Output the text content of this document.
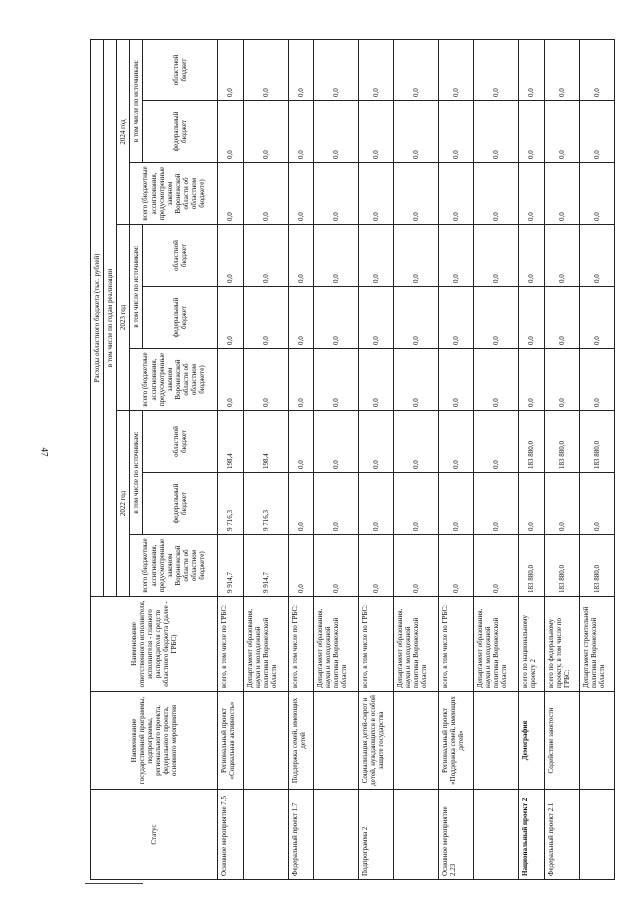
47
Статус	Наименование государственной программы, подпрограммы, регионального проекта, федерального проекта, основного мероприятия	Наименование ответственного исполнителя, исполнителя - главного распорядителя средств областного бюджета (далее - ГРБС)	Расходы областного бюджета (тыс. рублей)								
			в том числе по годам реализации								
			2022 год			2023 год			2024 год		
			всего (бюджетные ассигнования, предусмотренные законом Воронежской области об областном бюджете)	в том числе по источникам:		всего (бюджетные ассигнования, предусмотренные законом Воронежской области об областном бюджете)	в том числе по источникам:		всего (бюджетные ассигнования, предусмотренные законом Воронежской области об областном бюджете)	в том числе по источникам:	
				федеральный бюджет	областной бюджет		федеральный бюджет	областной бюджет		федеральный бюджет	областной бюджет
Основное мероприятие 7.5	Региональный проект «Социальная активность»	всего, в том числе по ГРБС:	9 914,7	9 716,3	198,4	0,0	0,0	0,0	0,0	0,0	0,0
		Департамент образования, науки и молодежной политики Воронежской области	9 914,7	9 716,3	198,4	0,0	0,0	0,0	0,0	0,0	0,0
Федеральный проект 1.7	Поддержка семей, имеющих детей	всего, в том числе по ГРБС:	0,0	0,0	0,0	0,0	0,0	0,0	0,0	0,0	0,0
		Департамент образования, науки и молодежной политики Воронежской области	0,0	0,0	0,0	0,0	0,0	0,0	0,0	0,0	0,0
Подпрограмма 2	Социализация детей-сирот и детей, нуждающихся в особой защите государства	всего, в том числе по ГРБС:	0,0	0,0	0,0	0,0	0,0	0,0	0,0	0,0	0,0
		Департамент образования, науки и молодежной политики Воронежской области	0,0	0,0	0,0	0,0	0,0	0,0	0,0	0,0	0,0
Основное мероприятие 2.23	Региональный проект «Поддержка семей, имеющих детей»	всего, в том числе по ГРБС:	0,0	0,0	0,0	0,0	0,0	0,0	0,0	0,0	0,0
		Департамент образования, науки и молодежной политики Воронежской области	0,0	0,0	0,0	0,0	0,0	0,0	0,0	0,0	0,0
Национальный проект 2	Демография	всего по национальному проекту 2	183 880,0	0,0	183 880,0	0,0	0,0	0,0	0,0	0,0	0,0
Федеральный проект 2.1	Содействие занятости	всего по федеральному проекту, в том числе по ГРБС:	183 880,0	0,0	183 880,0	0,0	0,0	0,0	0,0	0,0	0,0
		Департамент строительной политики Воронежской области	183 880,0	0,0	183 880,0	0,0	0,0	0,0	0,0	0,0	0,0
